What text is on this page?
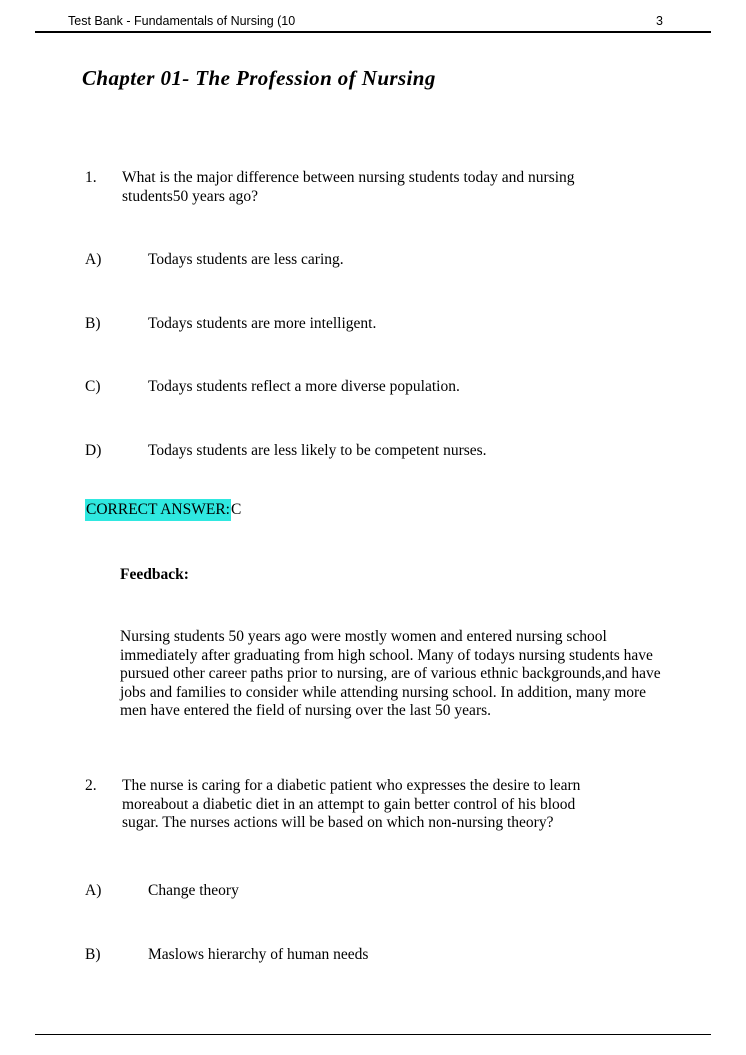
Test Bank - Fundamentals of Nursing (10	3
Chapter 01- The Profession of Nursing
1.	What is the major difference between nursing students today and nursing students50 years ago?
A)	Todays students are less caring.
B)	Todays students are more intelligent.
C)	Todays students reflect a more diverse population.
D)	Todays students are less likely to be competent nurses.
CORRECT ANSWER:C
Feedback:
Nursing students 50 years ago were mostly women and entered nursing school immediately after graduating from high school. Many of todays nursing students have pursued other career paths prior to nursing, are of various ethnic backgrounds,and have jobs and families to consider while attending nursing school. In addition, many more men have entered the field of nursing over the last 50 years.
2.	The nurse is caring for a diabetic patient who expresses the desire to learn moreabout a diabetic diet in an attempt to gain better control of his blood sugar. The nurses actions will be based on which non-nursing theory?
A)	Change theory
B)	Maslows hierarchy of human needs
